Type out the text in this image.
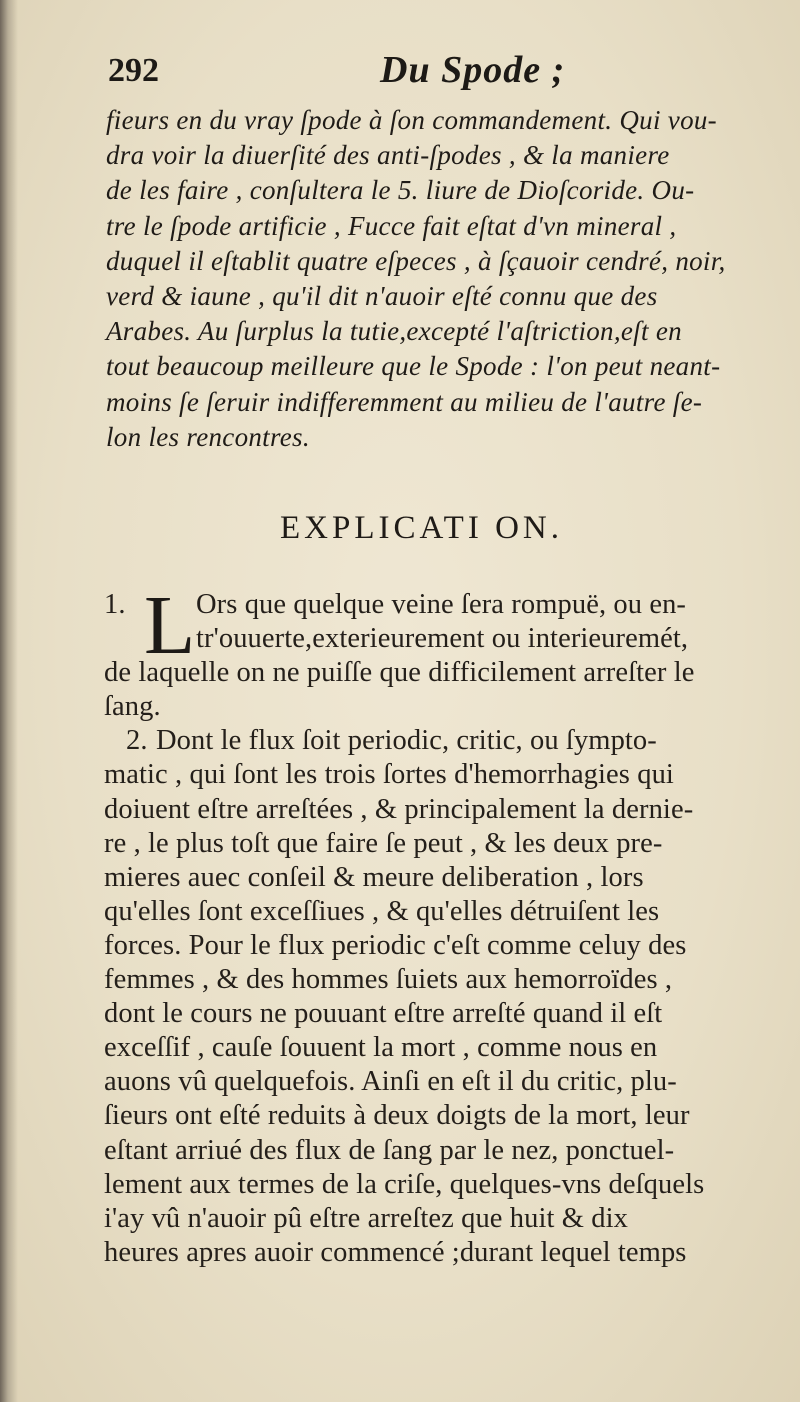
292	Du Spode ;
fieurs en du vray ſpode à ſon commandement. Qui vou-
dra voir la diuerſité des anti-ſpodes , & la maniere
de les faire , conſultera le 5. liure de Dioſcoride. Ou-
tre le ſpode artificie , Fucce fait eſtat d'vn mineral ,
duquel il eſtablit quatre eſpeces , à ſçauoir cendré, noir,
verd & iaune , qu'il dit n'auoir eſté connu que des
Arabes. Au ſurplus la tutie,excepté l'aſtriction,eſt en
tout beaucoup meilleure que le Spode : l'on peut neant-
moins ſe ſeruir indifferemment au milieu de l'autre ſe-
lon les rencontres.
EXPLICATI ON.
L
1. Ors que quelque veine ſera rompuë, ou en-
tr'ouuerte,exterieurement ou interieuremét,
de laquelle on ne puiſſe que difficilement arreſter le
ſang.
2. Dont le flux ſoit periodic, critic, ou ſympto-
matic , qui ſont les trois ſortes d'hemorrhagies qui
doiuent eſtre arreſtées , & principalement la dernie-
re , le plus toſt que faire ſe peut , & les deux pre-
mieres auec conſeil & meure deliberation , lors
qu'elles ſont exceſſiues , & qu'elles détruiſent les
forces. Pour le flux periodic c'eſt comme celuy des
femmes , & des hommes ſuiets aux hemorroïdes ,
dont le cours ne pouuant eſtre arreſté quand il eſt
exceſſif , cauſe ſouuent la mort , comme nous en
auons vû quelquefois. Ainſi en eſt il du critic, plu-
ſieurs ont eſté reduits à deux doigts de la mort, leur
eſtant arriué des flux de ſang par le nez, ponctuel-
lement aux termes de la criſe, quelques-vns deſquels
i'ay vû n'auoir pû eſtre arreſtez que huit & dix
heures apres auoir commencé ;durant lequel temps
